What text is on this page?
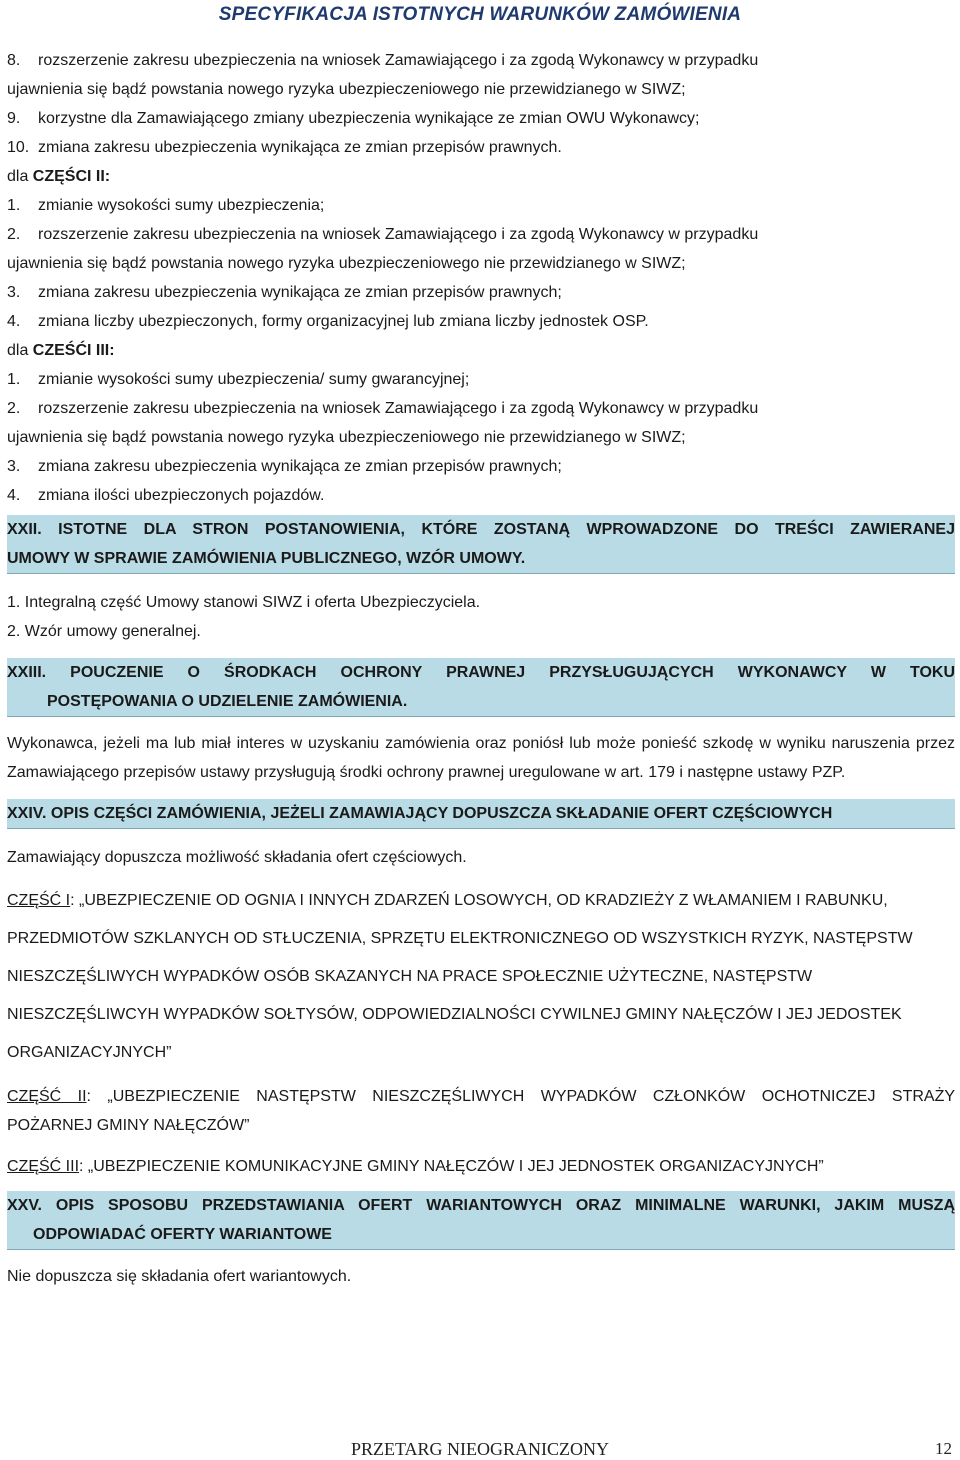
SPECYFIKACJA ISTOTNYCH WARUNKÓW ZAMÓWIENIA
8.	rozszerzenie zakresu ubezpieczenia na wniosek Zamawiającego i za zgodą Wykonawcy w przypadku
ujawnienia się bądź powstania nowego ryzyka ubezpieczeniowego nie przewidzianego w SIWZ;
9.	korzystne dla Zamawiającego zmiany ubezpieczenia wynikające ze zmian OWU Wykonawcy;
10. zmiana zakresu ubezpieczenia wynikająca ze zmian przepisów prawnych.
dla CZĘŚCI II:
1.	zmianie wysokości sumy ubezpieczenia;
2.	rozszerzenie zakresu ubezpieczenia na wniosek Zamawiającego i za zgodą Wykonawcy w przypadku
ujawnienia się bądź powstania nowego ryzyka ubezpieczeniowego nie przewidzianego w SIWZ;
3.	zmiana zakresu ubezpieczenia wynikająca ze zmian przepisów prawnych;
4.	zmiana liczby ubezpieczonych, formy organizacyjnej lub zmiana liczby jednostek OSP.
dla CZEŚĆI III:
1.	zmianie wysokości sumy ubezpieczenia/ sumy gwarancyjnej;
2.	rozszerzenie zakresu ubezpieczenia na wniosek Zamawiającego i za zgodą Wykonawcy w przypadku
ujawnienia się bądź powstania nowego ryzyka ubezpieczeniowego nie przewidzianego w SIWZ;
3.	zmiana zakresu ubezpieczenia wynikająca ze zmian przepisów prawnych;
4.	zmiana ilości ubezpieczonych pojazdów.
XXII. ISTOTNE DLA STRON POSTANOWIENIA, KTÓRE ZOSTANĄ WPROWADZONE DO TREŚCI ZAWIERANEJ
UMOWY W SPRAWIE ZAMÓWIENIA PUBLICZNEGO, WZÓR UMOWY.
1. Integralną część Umowy stanowi SIWZ i oferta Ubezpieczyciela.
2. Wzór umowy generalnej.
XXIII. POUCZENIE O ŚRODKACH OCHRONY PRAWNEJ PRZYSŁUGUJĄCYCH WYKONAWCY W TOKU
POSTĘPOWANIA O UDZIELENIE ZAMÓWIENIA.
Wykonawca, jeżeli ma lub miał interes w uzyskaniu zamówienia oraz poniósł lub może ponieść szkodę w wyniku naruszenia przez Zamawiającego przepisów ustawy przysługują środki ochrony prawnej uregulowane w art. 179 i następne ustawy PZP.
XXIV. OPIS CZĘŚCI ZAMÓWIENIA, JEŻELI ZAMAWIAJĄCY DOPUSZCZA SKŁADANIE OFERT CZĘŚCIOWYCH
Zamawiający dopuszcza możliwość składania ofert częściowych.
CZĘŚĆ I: „UBEZPIECZENIE OD OGNIA I INNYCH ZDARZEŃ LOSOWYCH, OD KRADZIEŻY Z WŁAMANIEM I RABUNKU,
PRZEDMIOTÓW SZKLANYCH OD STŁUCZENIA, SPRZĘTU ELEKTRONICZNEGO OD WSZYSTKICH RYZYK, NASTĘPSTW
NIESZCZĘŚLIWYCH WYPADKÓW OSÓB SKAZANYCH NA PRACE SPOŁECZNIE UŻYTECZNE, NASTĘPSTW
NIESZCZĘŚLIWCYH WYPADKÓW SOŁTYSÓW, ODPOWIEDZIALNOŚCI CYWILNEJ GMINY NAŁĘCZÓW I JEJ JEDOSTEK
ORGANIZACYJNYCH”
CZĘŚĆ II: „UBEZPIECZENIE NASTĘPSTW NIESZCZĘŚLIWYCH WYPADKÓW CZŁONKÓW OCHOTNICZEJ STRAŻY
POŻARNEJ GMINY NAŁĘCZÓW”
CZĘŚĆ III: „UBEZPIECZENIE KOMUNIKACYJNE GMINY NAŁĘCZÓW I JEJ JEDNOSTEK ORGANIZACYJNYCH”
XXV. OPIS SPOSOBU PRZEDSTAWIANIA OFERT WARIANTOWYCH ORAZ MINIMALNE WARUNKI, JAKIM MUSZĄ
ODPOWIADAĆ OFERTY WARIANTOWE
Nie dopuszcza się składania ofert wariantowych.
PRZETARG NIEOGRANICZONY	12
